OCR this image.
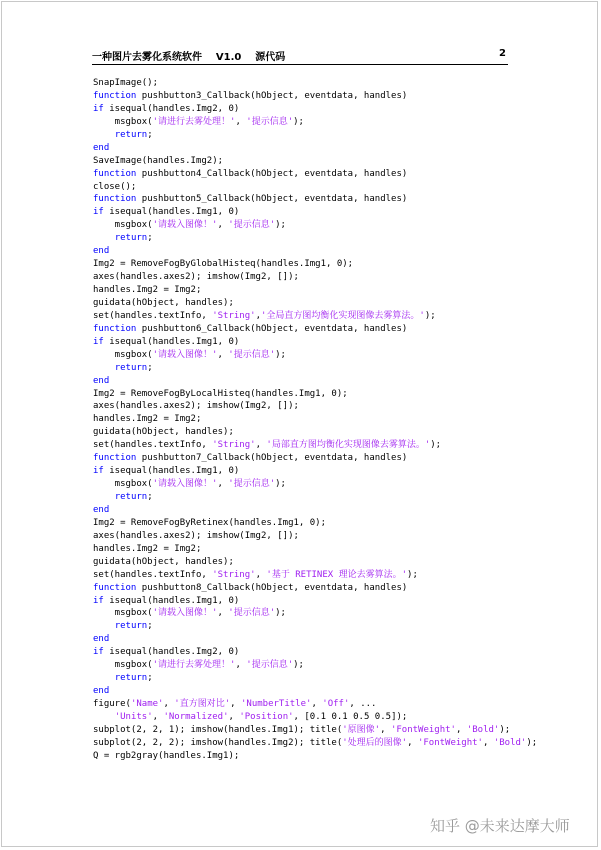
一种图片去雾化系统软件    V1.0    源代码	2
SnapImage();
function pushbutton3_Callback(hObject, eventdata, handles)
if isequal(handles.Img2, 0)
msgbox('请进行去雾处理！', '提示信息');
return;
end
SaveImage(handles.Img2);
function pushbutton4_Callback(hObject, eventdata, handles)
close();
function pushbutton5_Callback(hObject, eventdata, handles)
if isequal(handles.Img1, 0)
msgbox('请载入图像！', '提示信息');
return;
end
Img2 = RemoveFogByGlobalHisteq(handles.Img1, 0);
axes(handles.axes2); imshow(Img2, []);
handles.Img2 = Img2;
guidata(hObject, handles);
set(handles.textInfo, 'String','全局直方图均衡化实现图像去雾算法。');
function pushbutton6_Callback(hObject, eventdata, handles)
if isequal(handles.Img1, 0)
msgbox('请载入图像！', '提示信息');
return;
end
Img2 = RemoveFogByLocalHisteq(handles.Img1, 0);
axes(handles.axes2); imshow(Img2, []);
handles.Img2 = Img2;
guidata(hObject, handles);
set(handles.textInfo, 'String', '局部直方图均衡化实现图像去雾算法。');
function pushbutton7_Callback(hObject, eventdata, handles)
if isequal(handles.Img1, 0)
msgbox('请载入图像！', '提示信息');
return;
end
Img2 = RemoveFogByRetinex(handles.Img1, 0);
axes(handles.axes2); imshow(Img2, []);
handles.Img2 = Img2;
guidata(hObject, handles);
set(handles.textInfo, 'String', '基于 RETINEX 理论去雾算法。');
function pushbutton8_Callback(hObject, eventdata, handles)
if isequal(handles.Img1, 0)
msgbox('请载入图像！', '提示信息');
return;
end
if isequal(handles.Img2, 0)
msgbox('请进行去雾处理！', '提示信息');
return;
end
figure('Name', '直方图对比', 'NumberTitle', 'Off', ...
'Units', 'Normalized', 'Position', [0.1 0.1 0.5 0.5]);
subplot(2, 2, 1); imshow(handles.Img1); title('原图像', 'FontWeight', 'Bold');
subplot(2, 2, 2); imshow(handles.Img2); title('处理后的图像', 'FontWeight', 'Bold');
Q = rgb2gray(handles.Img1);
知乎 @未来达摩大师
